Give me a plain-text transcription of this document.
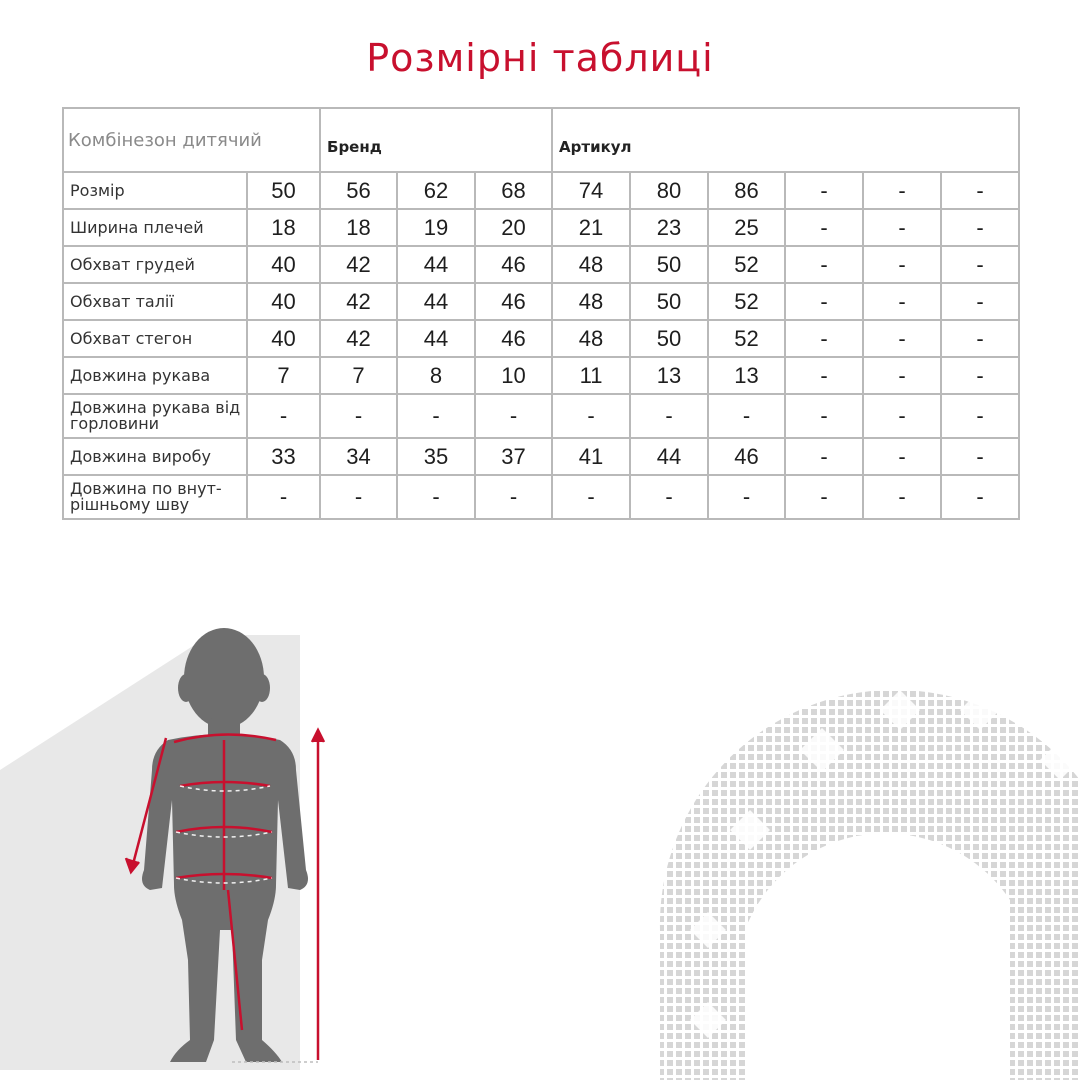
Розмірні таблиці
Комбінезон дитячий		Бренд			Артикул					
Розмір	50	56	62	68	74	80	86	-	-	-
Ширина плечей	18	18	19	20	21	23	25	-	-	-
Обхват грудей	40	42	44	46	48	50	52	-	-	-
Обхват талії	40	42	44	46	48	50	52	-	-	-
Обхват стегон	40	42	44	46	48	50	52	-	-	-
Довжина рукава	7	7	8	10	11	13	13	-	-	-
Довжина рукава від горловини	-	-	-	-	-	-	-	-	-	-
Довжина виробу	33	34	35	37	41	44	46	-	-	-
Довжина по внут-рішньому шву	-	-	-	-	-	-	-	-	-	-
